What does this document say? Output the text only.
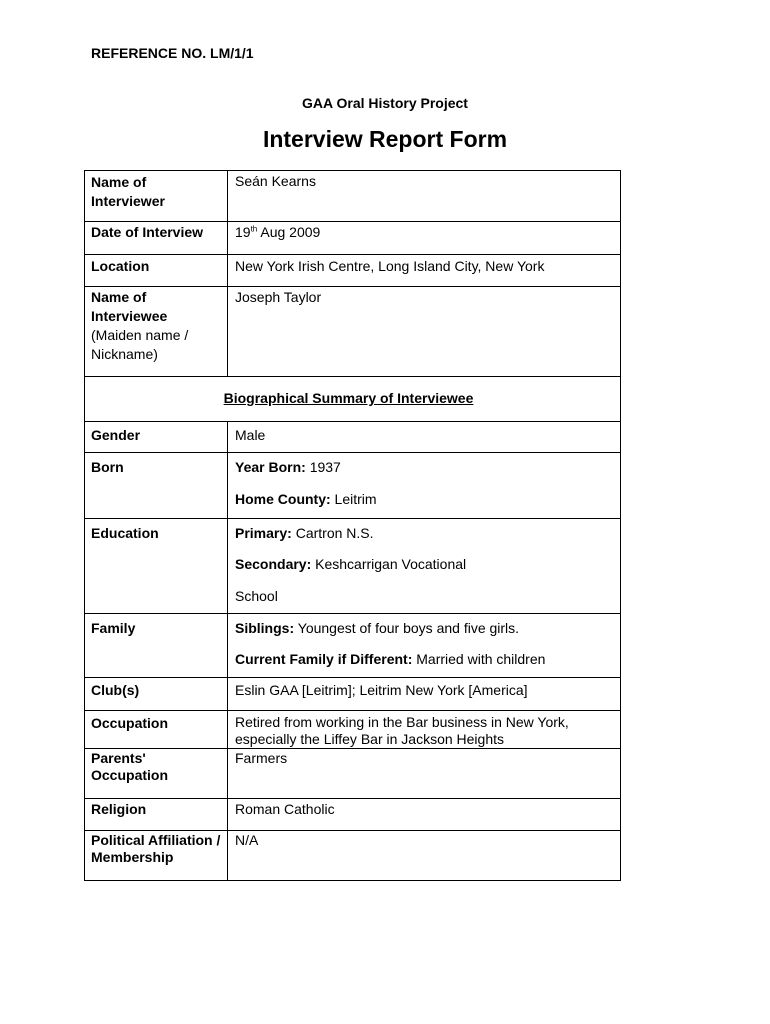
REFERENCE NO. LM/1/1
GAA Oral History Project
Interview Report Form
Name of
Interviewer	Seán Kearns

Date of Interview	19th Aug 2009

Location	New York Irish Centre, Long Island City, New York

Name of
Interviewee
(Maiden name /
Nickname)	Joseph Taylor

Biographical Summary of Interviewee	

Gender	Male

Born	Year Born: 1937
Home County: Leitrim

Education	Primary: Cartron N.S.
Secondary: Keshcarrigan Vocational
School

Family	Siblings: Youngest of four boys and five girls.
Current Family if Different: Married with children

Club(s)	Eslin GAA [Leitrim]; Leitrim New York [America]

Occupation	Retired from working in the Bar business in New York,
especially the Liffey Bar in Jackson Heights

Parents'
Occupation	Farmers

Religion	Roman Catholic

Political Affiliation /
Membership	N/A
